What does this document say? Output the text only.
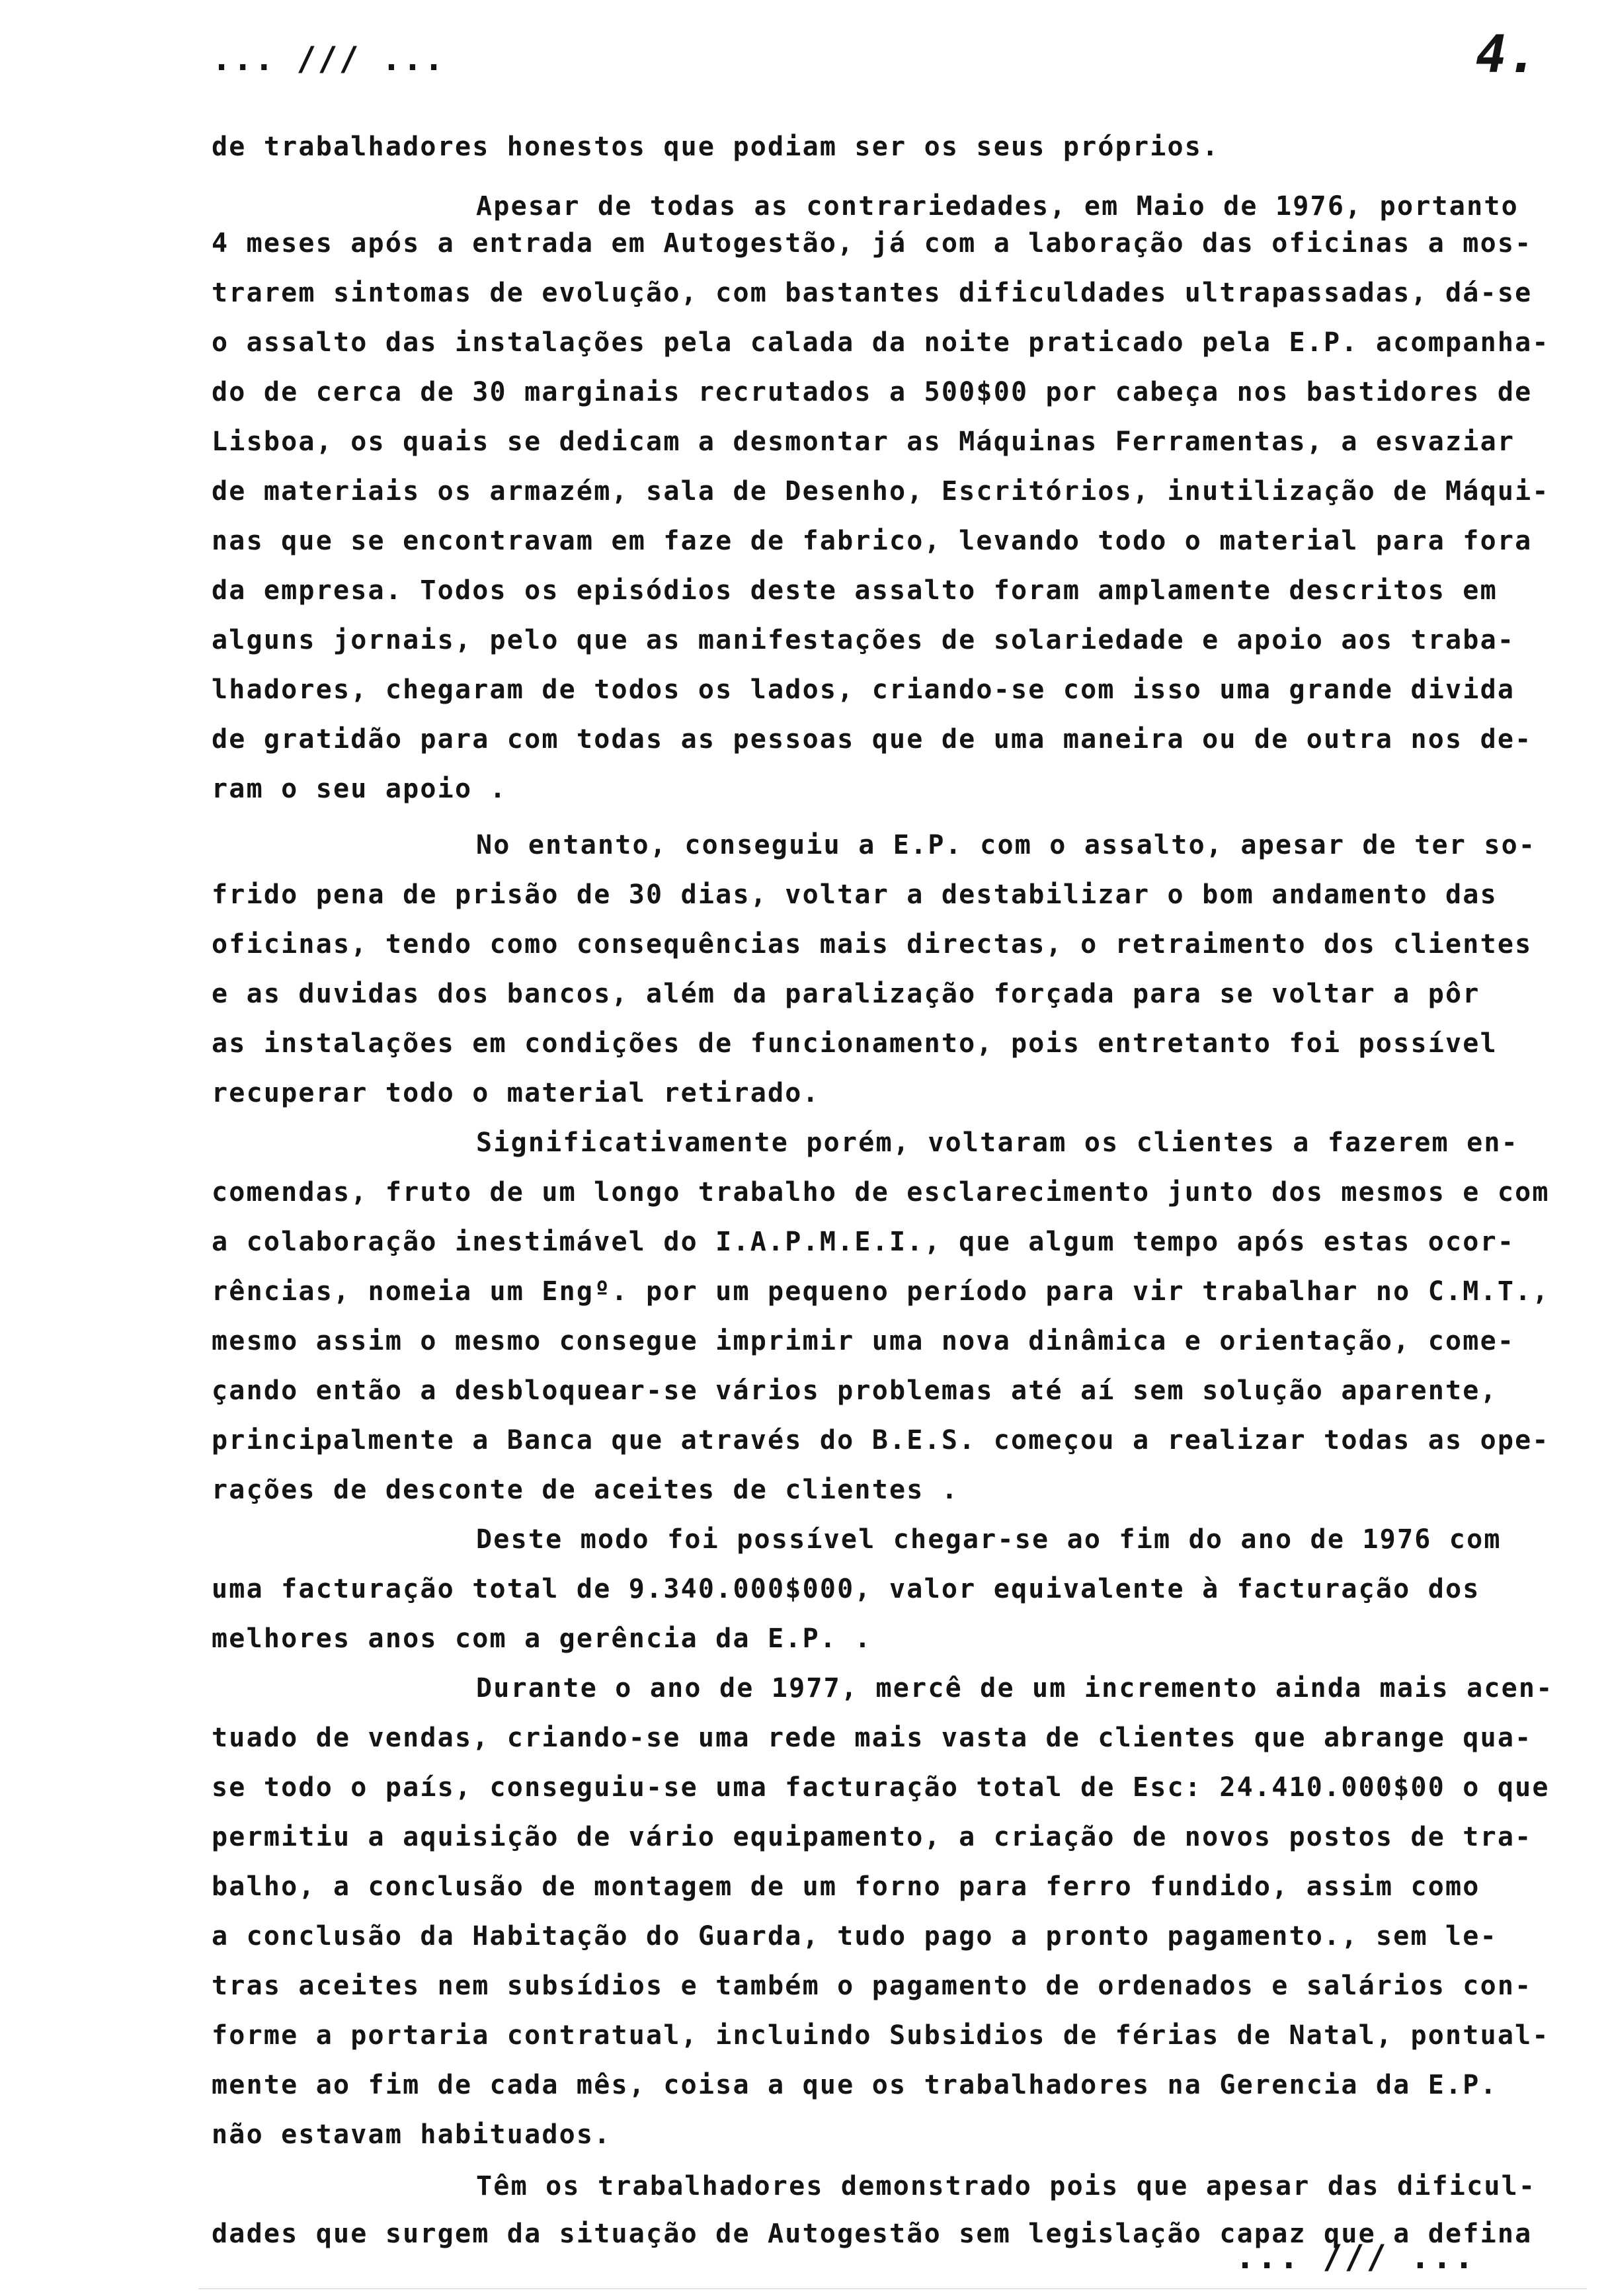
... /// ...	4.
de trabalhadores honestos que podiam ser os seus próprios.
Apesar de todas as contrariedades, em Maio de 1976, portanto
4 meses após a entrada em Autogestão, já com a laboração das oficinas a mos-
trarem sintomas de evolução, com bastantes dificuldades ultrapassadas, dá-se
o assalto das instalações pela calada da noite praticado pela E.P. acompanha-
do de cerca de 30 marginais recrutados a 500$00 por cabeça nos bastidores de
Lisboa, os quais se dedicam a desmontar as Máquinas Ferramentas, a esvaziar
de materiais os armazém, sala de Desenho, Escritórios, inutilização de Máqui-
nas que se encontravam em faze de fabrico, levando todo o material para fora
da empresa. Todos os episódios deste assalto foram amplamente descritos em
alguns jornais, pelo que as manifestações de solariedade e apoio aos traba-
lhadores, chegaram de todos os lados, criando-se com isso uma grande divida
de gratidão para com todas as pessoas que de uma maneira ou de outra nos de-
ram o seu apoio .
No entanto, conseguiu a E.P. com o assalto, apesar de ter so-
frido pena de prisão de 30 dias, voltar a destabilizar o bom andamento das
oficinas, tendo como consequências mais directas, o retraimento dos clientes
e as duvidas dos bancos, além da paralização forçada para se voltar a pôr
as instalações em condições de funcionamento, pois entretanto foi possível
recuperar todo o material retirado.
Significativamente porém, voltaram os clientes a fazerem en-
comendas, fruto de um longo trabalho de esclarecimento junto dos mesmos e com
a colaboração inestimável do I.A.P.M.E.I., que algum tempo após estas ocor-
rências, nomeia um Engº. por um pequeno período para vir trabalhar no C.M.T.,
mesmo assim o mesmo consegue imprimir uma nova dinâmica e orientação, come-
çando então a desbloquear-se vários problemas até aí sem solução aparente,
principalmente a Banca que através do B.E.S. começou a realizar todas as ope-
rações de desconte de aceites de clientes .
Deste modo foi possível chegar-se ao fim do ano de 1976 com
uma facturação total de 9.340.000$000, valor equivalente à facturação dos
melhores anos com a gerência da E.P. .
Durante o ano de 1977, mercê de um incremento ainda mais acen-
tuado de vendas, criando-se uma rede mais vasta de clientes que abrange qua-
se todo o país, conseguiu-se uma facturação total de Esc: 24.410.000$00 o que
permitiu a aquisição de vário equipamento, a criação de novos postos de tra-
balho, a conclusão de montagem de um forno para ferro fundido, assim como
a conclusão da Habitação do Guarda, tudo pago a pronto pagamento., sem le-
tras aceites nem subsídios e também o pagamento de ordenados e salários con-
forme a portaria contratual, incluindo Subsidios de férias de Natal, pontual-
mente ao fim de cada mês, coisa a que os trabalhadores na Gerencia da E.P.
não estavam habituados.
Têm os trabalhadores demonstrado pois que apesar das dificul-
dades que surgem da situação de Autogestão sem legislação capaz que a defina
... /// ...
